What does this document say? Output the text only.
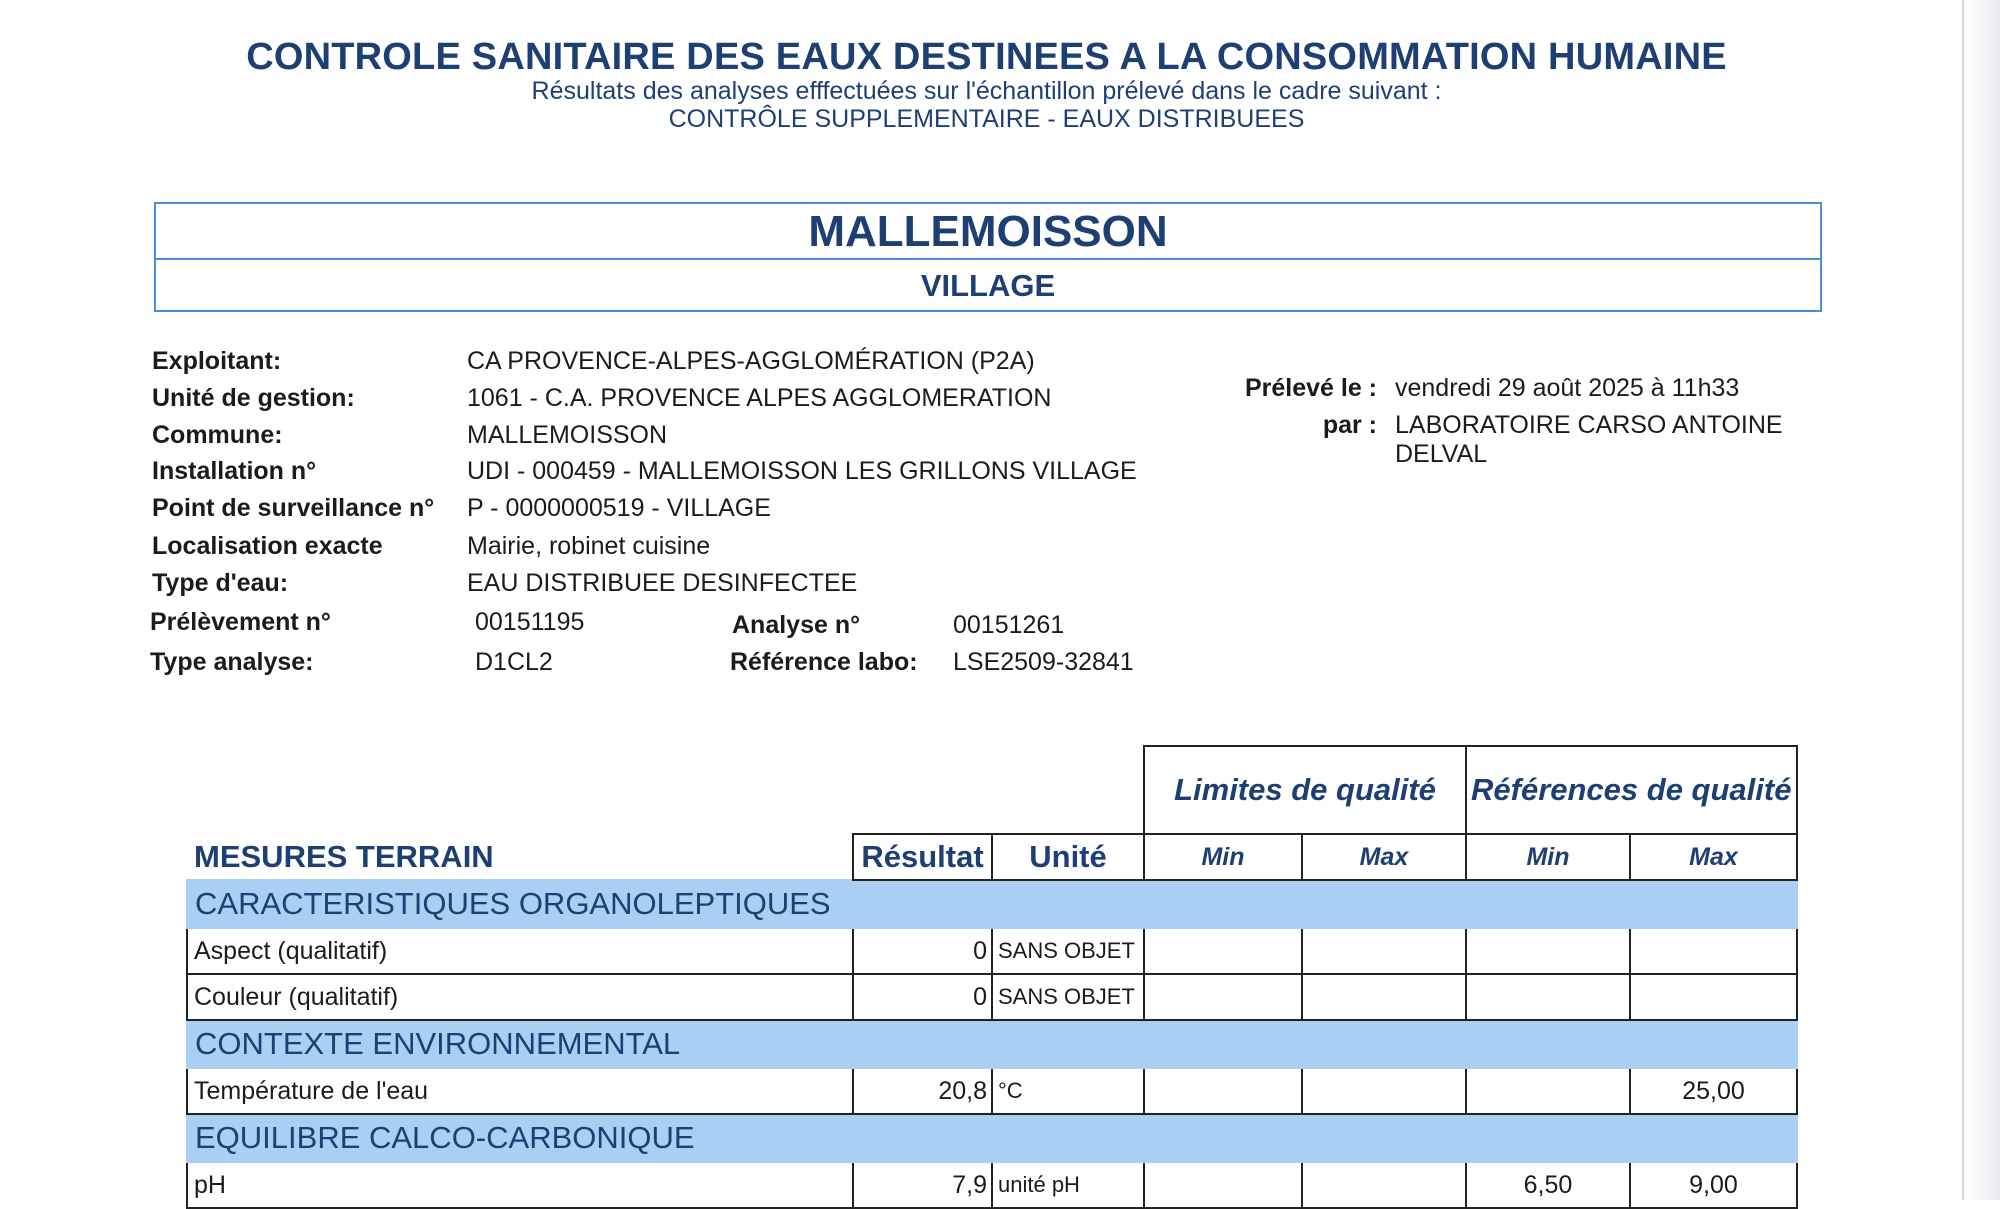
CONTROLE SANITAIRE DES EAUX DESTINEES A LA CONSOMMATION HUMAINE
Résultats des analyses efffectuées sur l'échantillon prélevé dans le cadre suivant :
CONTRÔLE SUPPLEMENTAIRE - EAUX DISTRIBUEES
MALLEMOISSON
VILLAGE
Exploitant:	CA PROVENCE-ALPES-AGGLOMÉRATION (P2A)
Unité de gestion:	1061 - C.A. PROVENCE ALPES AGGLOMERATION
Commune:	MALLEMOISSON
Installation n°	UDI - 000459 - MALLEMOISSON LES GRILLONS VILLAGE
Point de surveillance n° P - 0000000519 - VILLAGE
Localisation exacte	Mairie, robinet cuisine
Type d'eau:	EAU DISTRIBUEE DESINFECTEE
Prélèvement n°	00151195	Analyse n°	00151261
Type analyse:	D1CL2	Référence labo: LSE2509-32841
Prélevé le : vendredi 29 août 2025 à 11h33
par : LABORATOIRE CARSO ANTOINE DELVAL
			Limites de qualité		Références de qualité	
MESURES TERRAIN	Résultat	Unité	Min	Max	Min	Max
CARACTERISTIQUES ORGANOLEPTIQUES						
Aspect (qualitatif)	0	SANS OBJET				
Couleur (qualitatif)	0	SANS OBJET				
CONTEXTE ENVIRONNEMENTAL						
Température de l'eau	20,8	°C				25,00
EQUILIBRE CALCO-CARBONIQUE						
pH	7,9	unité pH			6,50	9,00
